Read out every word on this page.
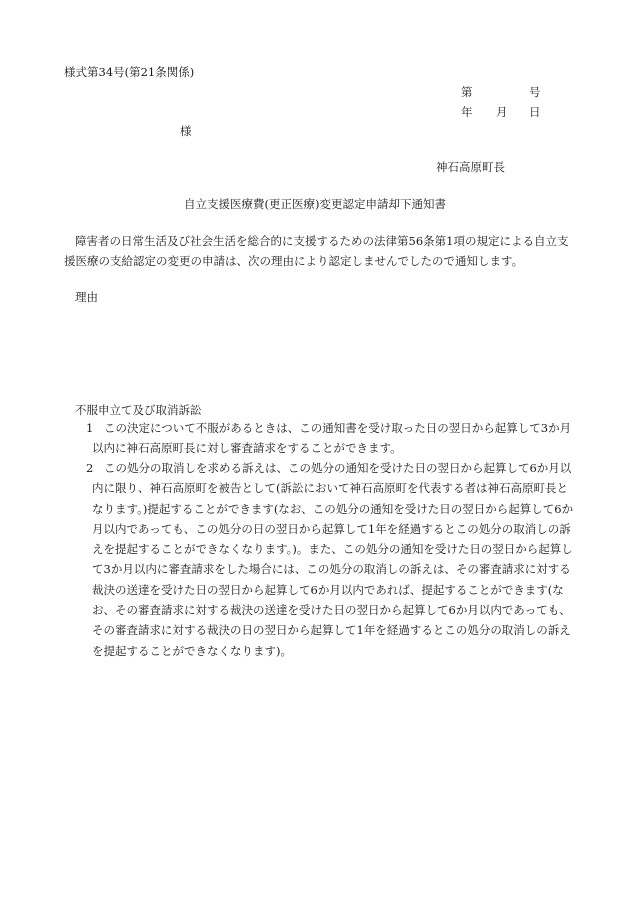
様式第34号(第21条関係)
第	号
年 月 日
様
神石高原町長
自立支援医療費(更正医療)変更認定申請却下通知書
障害者の日常生活及び社会生活を総合的に支援するための法律第56条第1項の規定による自立支援医療の支給認定の変更の申請は、次の理由により認定しませんでしたので通知します。
理由
不服申立て及び取消訴訟
1 この決定について不服があるときは、この通知書を受け取った日の翌日から起算して3か月以内に神石高原町長に対し審査請求をすることができます。
2 この処分の取消しを求める訴えは、この処分の通知を受けた日の翌日から起算して6か月以内に限り、神石高原町を被告として(訴訟において神石高原町を代表する者は神石高原町長となります。)提起することができます(なお、この処分の通知を受けた日の翌日から起算して6か月以内であっても、この処分の日の翌日から起算して1年を経過するとこの処分の取消しの訴えを提起することができなくなります。)。また、この処分の通知を受けた日の翌日から起算して3か月以内に審査請求をした場合には、この処分の取消しの訴えは、その審査請求に対する裁決の送達を受けた日の翌日から起算して6か月以内であれば、提起することができます(なお、その審査請求に対する裁決の送達を受けた日の翌日から起算して6か月以内であっても、その審査請求に対する裁決の日の翌日から起算して1年を経過するとこの処分の取消しの訴えを提起することができなくなります)。
